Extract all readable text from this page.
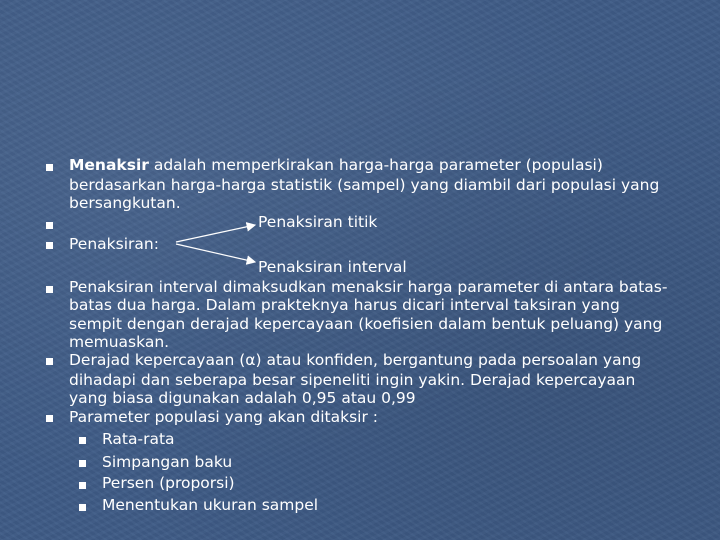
Menaksir adalah memperkirakan harga-harga parameter (populasi)
berdasarkan harga-harga statistik (sampel) yang diambil dari populasi yang
bersangkutan.
Penaksiran titik
Penaksiran:
Penaksiran interval
Penaksiran interval dimaksudkan menaksir harga parameter di antara batas-
batas dua harga. Dalam prakteknya harus dicari interval taksiran yang
sempit dengan derajad kepercayaan (koefisien dalam bentuk peluang) yang
memuaskan.
Derajad kepercayaan (α) atau konfiden, bergantung pada persoalan yang
dihadapi dan seberapa besar sipeneliti ingin yakin. Derajad kepercayaan
yang biasa digunakan adalah 0,95 atau 0,99
Parameter populasi yang akan ditaksir :
Rata-rata
Simpangan baku
Persen (proporsi)
Menentukan ukuran sampel
